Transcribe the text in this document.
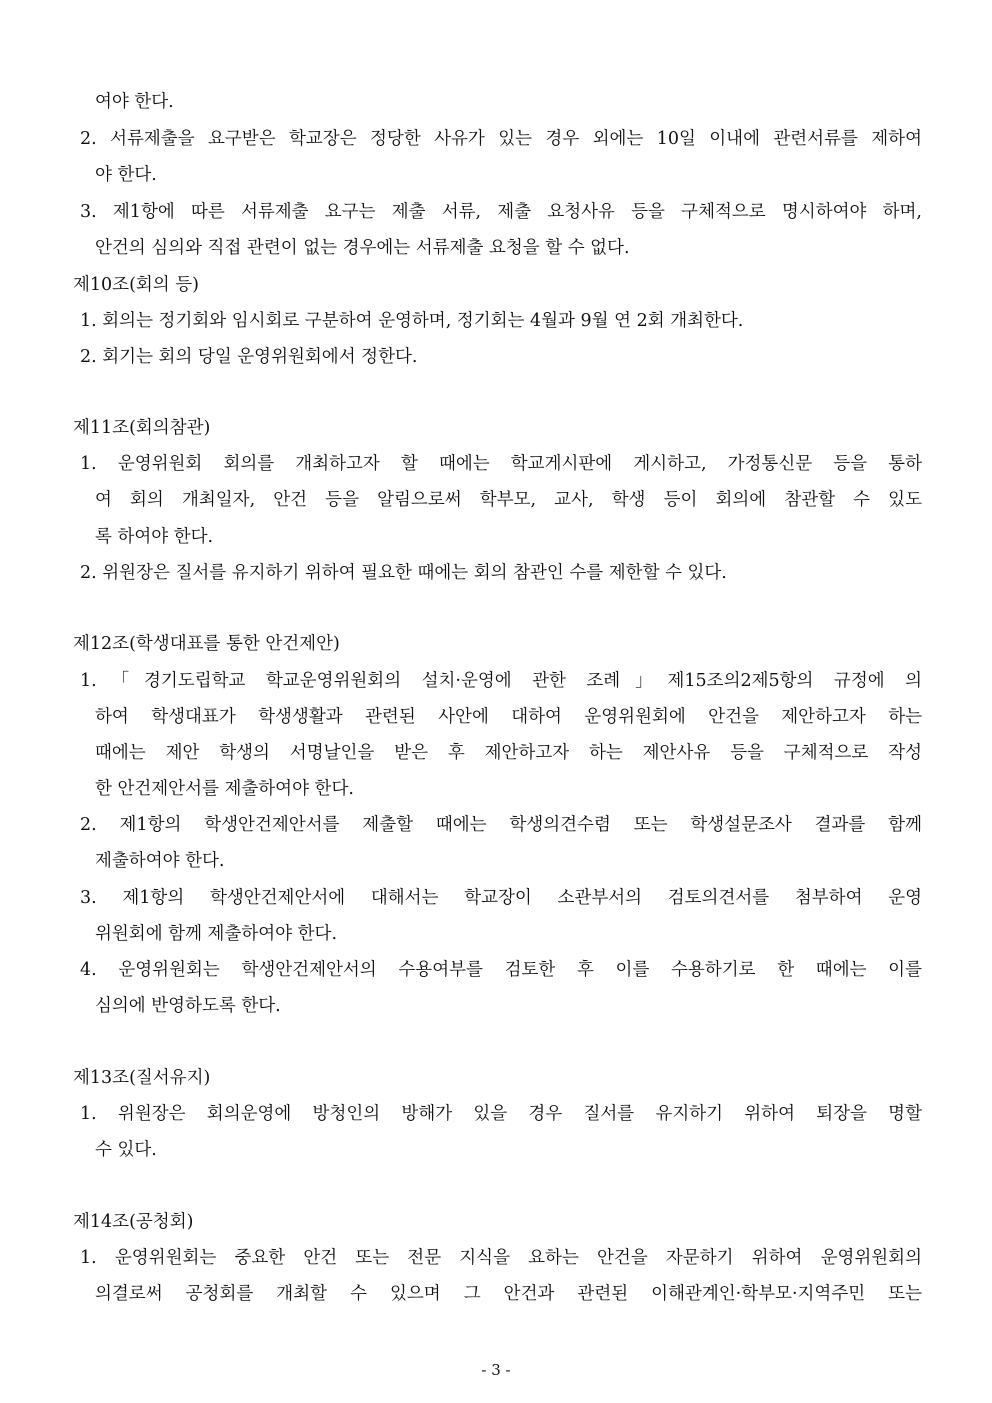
여야 한다.
2. 서류제출을 요구받은 학교장은 정당한 사유가 있는 경우 외에는 10일 이내에 관련서류를 제하여
야 한다.
3. 제1항에 따른 서류제출 요구는 제출 서류, 제출 요청사유 등을 구체적으로 명시하여야 하며,
안건의 심의와 직접 관련이 없는 경우에는 서류제출 요청을 할 수 없다.
제10조(회의 등)
1. 회의는 정기회와 임시회로 구분하여 운영하며, 정기회는 4월과 9월 연 2회 개최한다.
2. 회기는 회의 당일 운영위원회에서 정한다.
제11조(회의참관)
1. 운영위원회 회의를 개최하고자 할 때에는 학교게시판에 게시하고, 가정통신문 등을 통하
여 회의 개최일자, 안건 등을 알림으로써 학부모, 교사, 학생 등이 회의에 참관할 수 있도
록 하여야 한다.
2. 위원장은 질서를 유지하기 위하여 필요한 때에는 회의 참관인 수를 제한할 수 있다.
제12조(학생대표를 통한 안건제안)
1.「경기도립학교 학교운영위원회의 설치·운영에 관한 조례」제15조의2제5항의 규정에 의
하여 학생대표가 학생생활과 관련된 사안에 대하여 운영위원회에 안건을 제안하고자 하는
때에는 제안 학생의 서명날인을 받은 후 제안하고자 하는 제안사유 등을 구체적으로 작성
한 안건제안서를 제출하여야 한다.
2. 제1항의 학생안건제안서를 제출할 때에는 학생의견수렴 또는 학생설문조사 결과를 함께
제출하여야 한다.
3. 제1항의 학생안건제안서에 대해서는 학교장이 소관부서의 검토의견서를 첨부하여 운영
위원회에 함께 제출하여야 한다.
4. 운영위원회는 학생안건제안서의 수용여부를 검토한 후 이를 수용하기로 한 때에는 이를
심의에 반영하도록 한다.
제13조(질서유지)
1. 위원장은 회의운영에 방청인의 방해가 있을 경우 질서를 유지하기 위하여 퇴장을 명할
수 있다.
제14조(공청회)
1. 운영위원회는 중요한 안건 또는 전문 지식을 요하는 안건을 자문하기 위하여 운영위원회의
의결로써 공청회를 개최할 수 있으며 그 안건과 관련된 이해관계인·학부모·지역주민 또는
- 3 -
